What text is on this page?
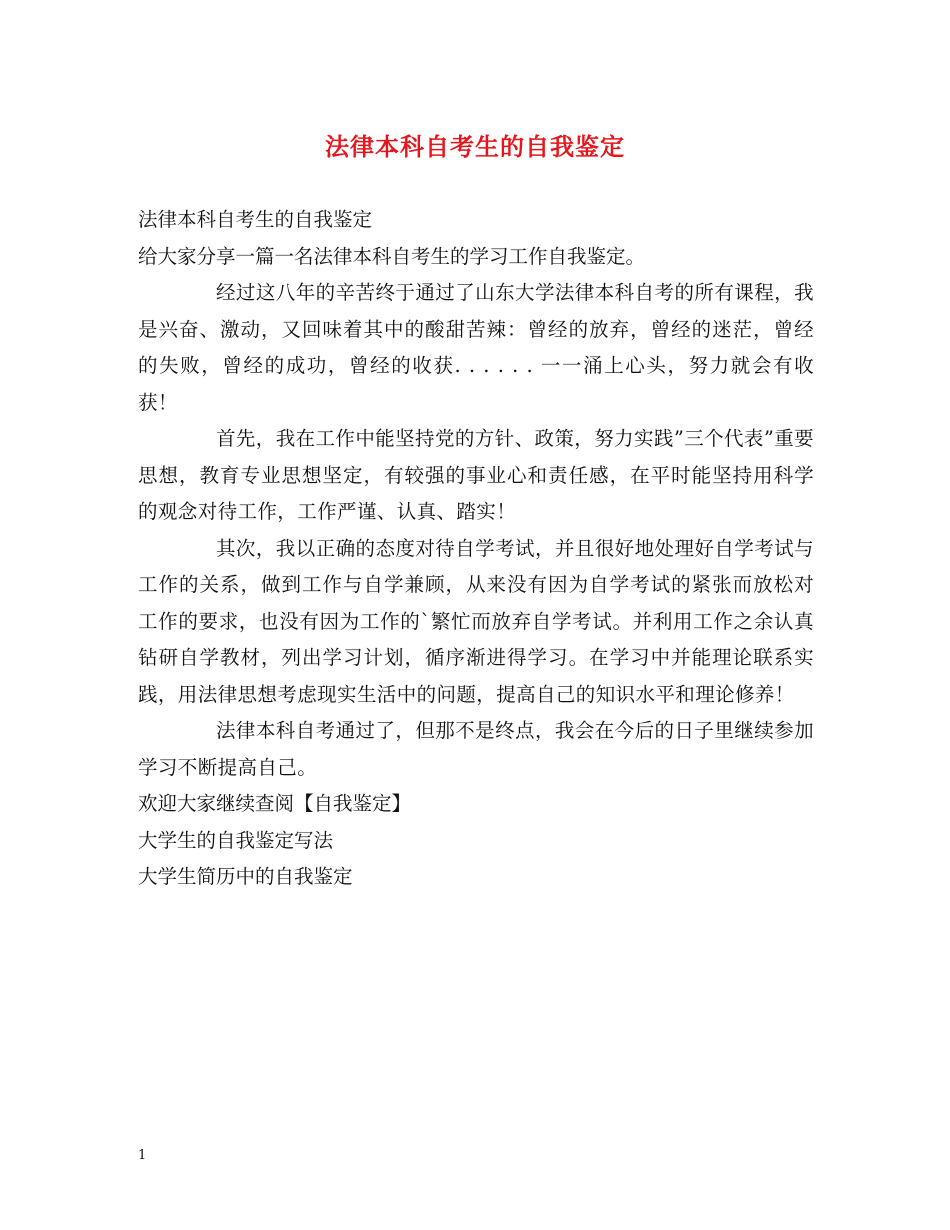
法律本科自考生的自我鉴定

法律本科自考生的自我鉴定

给大家分享一篇一名法律本科自考生的学习工作自我鉴定。

经过这八年的辛苦终于通过了山东大学法律本科自考的所有课程，我是兴奋、激动，又回味着其中的酸甜苦辣：曾经的放弃，曾经的迷茫，曾经的失败，曾经的成功，曾经的收获. . . . . . 一一涌上心头，努力就会有收获！

首先，我在工作中能坚持党的方针、政策，努力实践”三个代表”重要思想，教育专业思想坚定，有较强的事业心和责任感，在平时能坚持用科学的观念对待工作，工作严谨、认真、踏实！

其次，我以正确的态度对待自学考试，并且很好地处理好自学考试与工作的关系，做到工作与自学兼顾，从来没有因为自学考试的紧张而放松对工作的要求，也没有因为工作的`繁忙而放弃自学考试。并利用工作之余认真钻研自学教材，列出学习计划，循序渐进得学习。在学习中并能理论联系实践，用法律思想考虑现实生活中的问题，提高自己的知识水平和理论修养！

法律本科自考通过了，但那不是终点，我会在今后的日子里继续参加学习不断提高自己。

欢迎大家继续查阅【自我鉴定】

大学生的自我鉴定写法

大学生简历中的自我鉴定

1
